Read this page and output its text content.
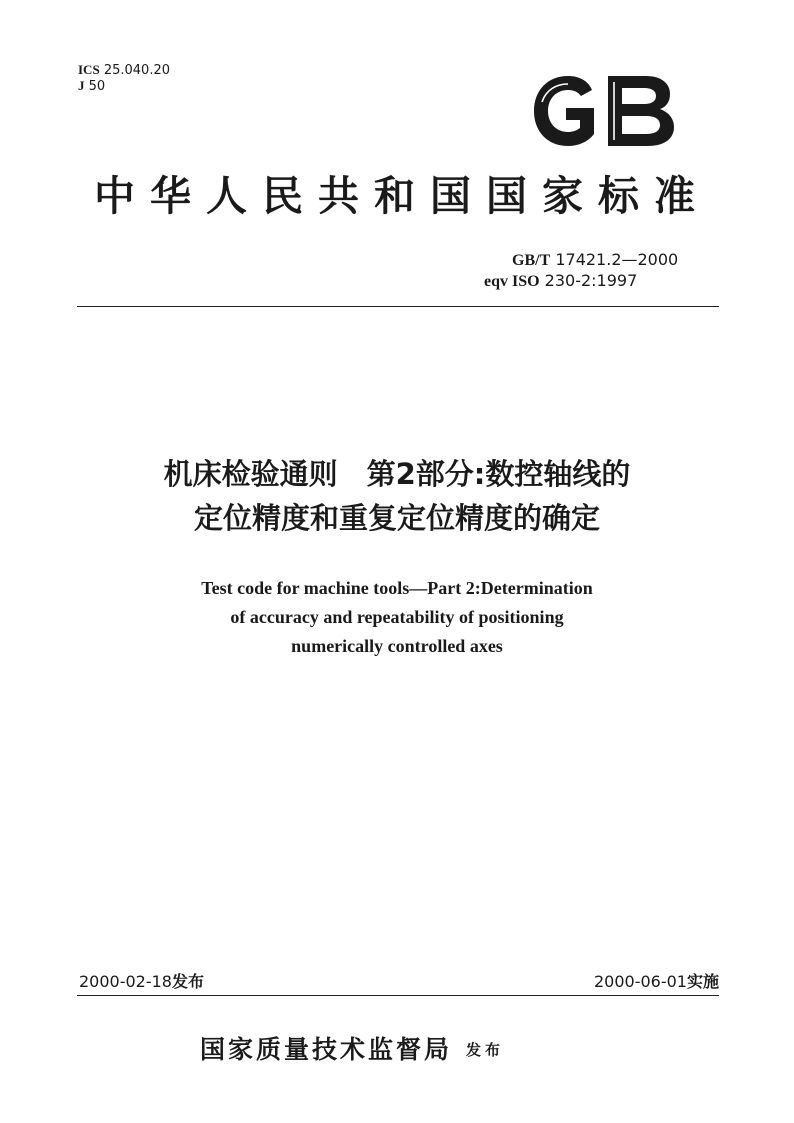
ICS 25.040.20
J 50
中华人民共和国国家标准
GB/T 17421.2—2000
eqv ISO 230-2:1997
机床检验通则　第2部分:数控轴线的
定位精度和重复定位精度的确定
Test code for machine tools—Part 2:Determination
of accuracy and repeatability of positioning
numerically controlled axes
2000-02-18发布	2000-06-01实施
国家质量技术监督局 发布
